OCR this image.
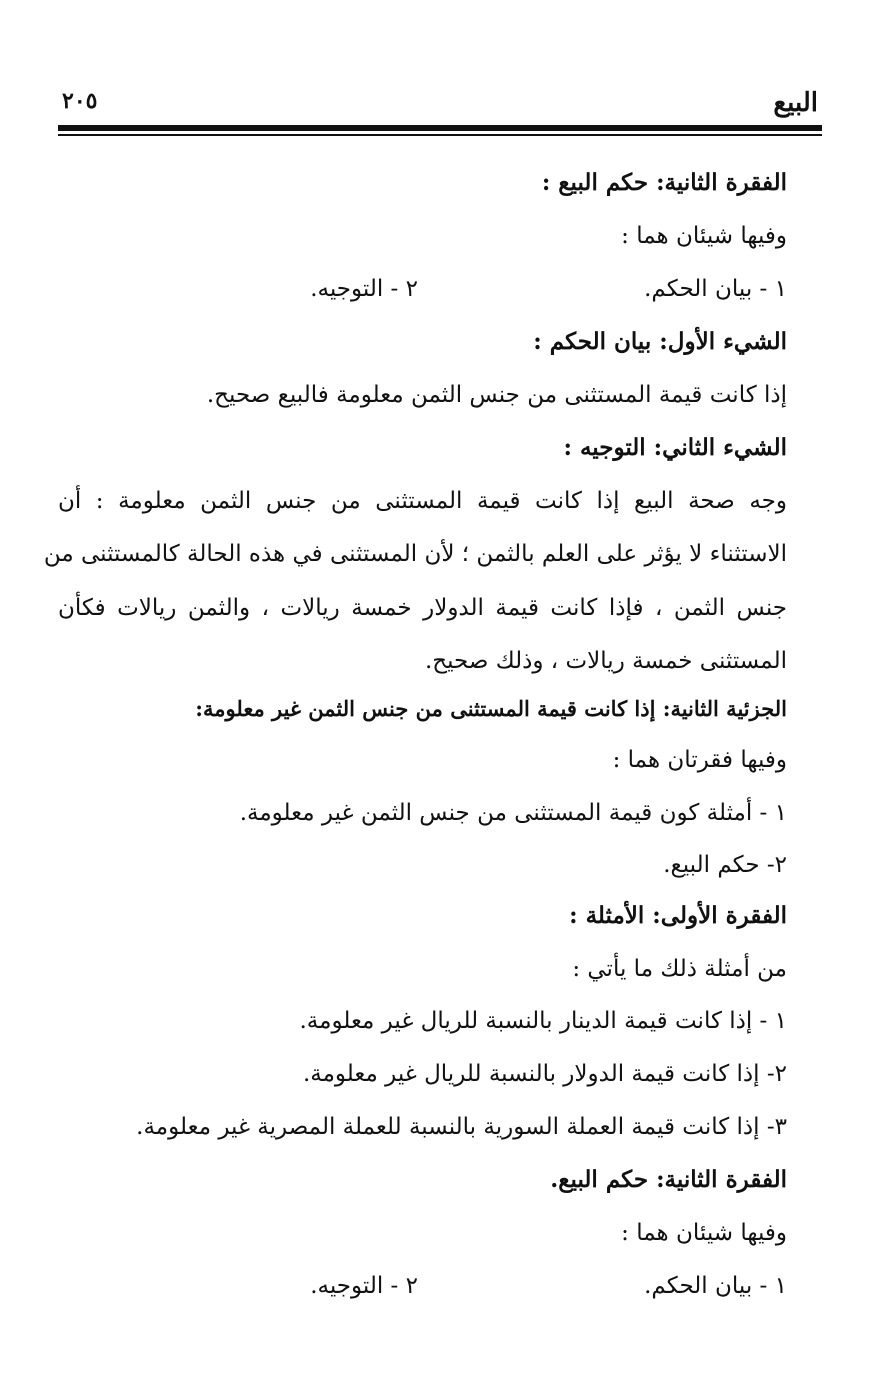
البيع
٢٠٥
الفقرة الثانية: حكم البيع :
وفيها شيئان هما :
١ - بيان الحكم.
٢ - التوجيه.
الشيء الأول: بيان الحكم :
إذا كانت قيمة المستثنى من جنس الثمن معلومة فالبيع صحيح.
الشيء الثاني: التوجيه :
وجه صحة البيع إذا كانت قيمة المستثنى من جنس الثمن معلومة : أن
الاستثناء لا يؤثر على العلم بالثمن ؛ لأن المستثنى في هذه الحالة كالمستثنى من
جنس الثمن ، فإذا كانت قيمة الدولار خمسة ريالات ، والثمن ريالات فكأن
المستثنى خمسة ريالات ، وذلك صحيح.
الجزئية الثانية: إذا كانت قيمة المستثنى من جنس الثمن غير معلومة:
وفيها فقرتان هما :
١ - أمثلة كون قيمة المستثنى من جنس الثمن غير معلومة.
٢- حكم البيع.
الفقرة الأولى: الأمثلة :
من أمثلة ذلك ما يأتي :
١ - إذا كانت قيمة الدينار بالنسبة للريال غير معلومة.
٢- إذا كانت قيمة الدولار بالنسبة للريال غير معلومة.
٣- إذا كانت قيمة العملة السورية بالنسبة للعملة المصرية غير معلومة.
الفقرة الثانية: حكم البيع.
وفيها شيئان هما :
١ - بيان الحكم.
٢ - التوجيه.
